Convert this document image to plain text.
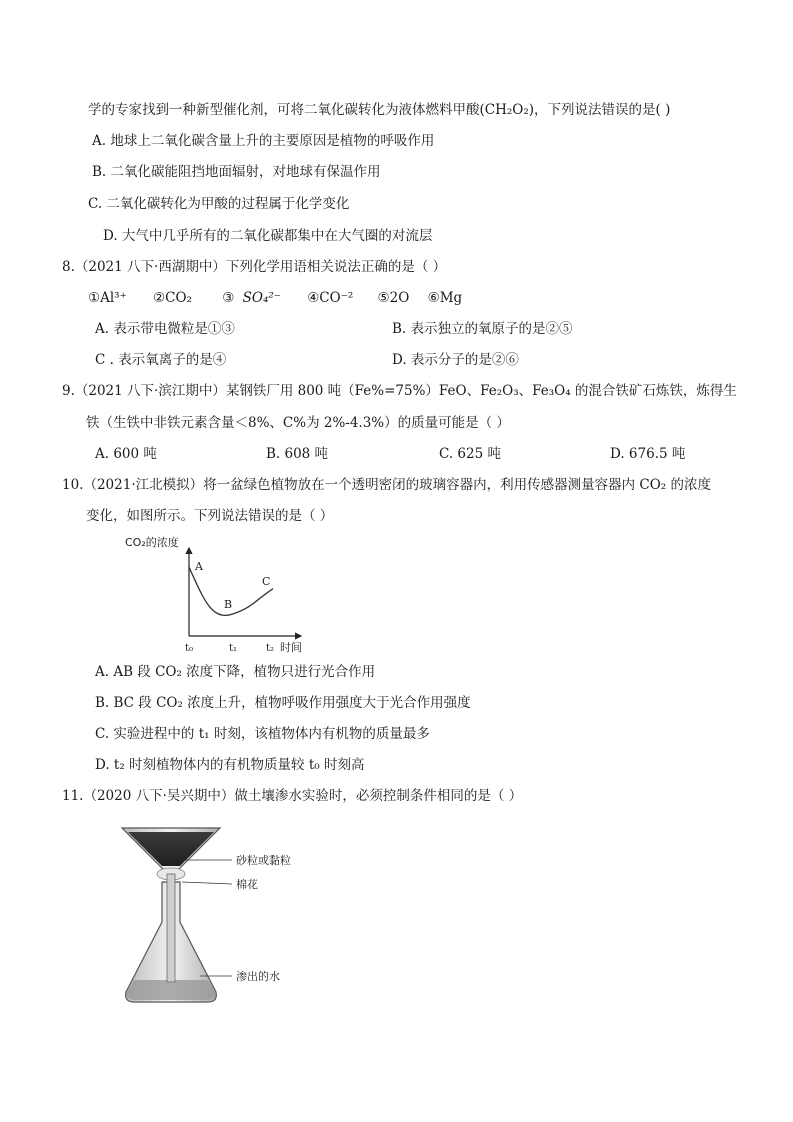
学的专家找到一种新型催化剂，可将二氧化碳转化为液体燃料甲酸(CH₂O₂)，下列说法错误的是( )
A. 地球上二氧化碳含量上升的主要原因是植物的呼吸作用
B. 二氧化碳能阻挡地面辐射，对地球有保温作用
C. 二氧化碳转化为甲酸的过程属于化学变化
D. 大气中几乎所有的二氧化碳都集中在大气圈的对流层
8.（2021 八下·西湖期中）下列化学用语相关说法正确的是（ ）
①Al³⁺ ②CO₂ ③ SO₄²⁻ ④CO⁻² ⑤2O ⑥Mg
A. 表示带电微粒是①③	B. 表示独立的氧原子的是②⑤
C . 表示氧离子的是④	D. 表示分子的是②⑥
9.（2021 八下·滨江期中）某钢铁厂用 800 吨（Fe%=75%）FeO、Fe₂O₃、Fe₃O₄ 的混合铁矿石炼铁，炼得生
铁（生铁中非铁元素含量＜8%、C%为 2%-4.3%）的质量可能是（ ）
A. 600 吨	B. 608 吨	C. 625 吨	D. 676.5 吨
10.（2021·江北模拟）将一盆绿色植物放在一个透明密闭的玻璃容器内，利用传感器测量容器内 CO₂ 的浓度
变化，如图所示。下列说法错误的是（ ）
CO₂的浓度
时间
t₀	t₁	t₂
A
B
C
A. AB 段 CO₂ 浓度下降，植物只进行光合作用
B. BC 段 CO₂ 浓度上升，植物呼吸作用强度大于光合作用强度
C. 实验进程中的 t₁ 时刻，该植物体内有机物的质量最多
D. t₂ 时刻植物体内的有机物质量较 t₀ 时刻高
11.（2020 八下·吴兴期中）做土壤渗水实验时，必须控制条件相同的是（ ）
砂粒或黏粒
棉花
渗出的水
